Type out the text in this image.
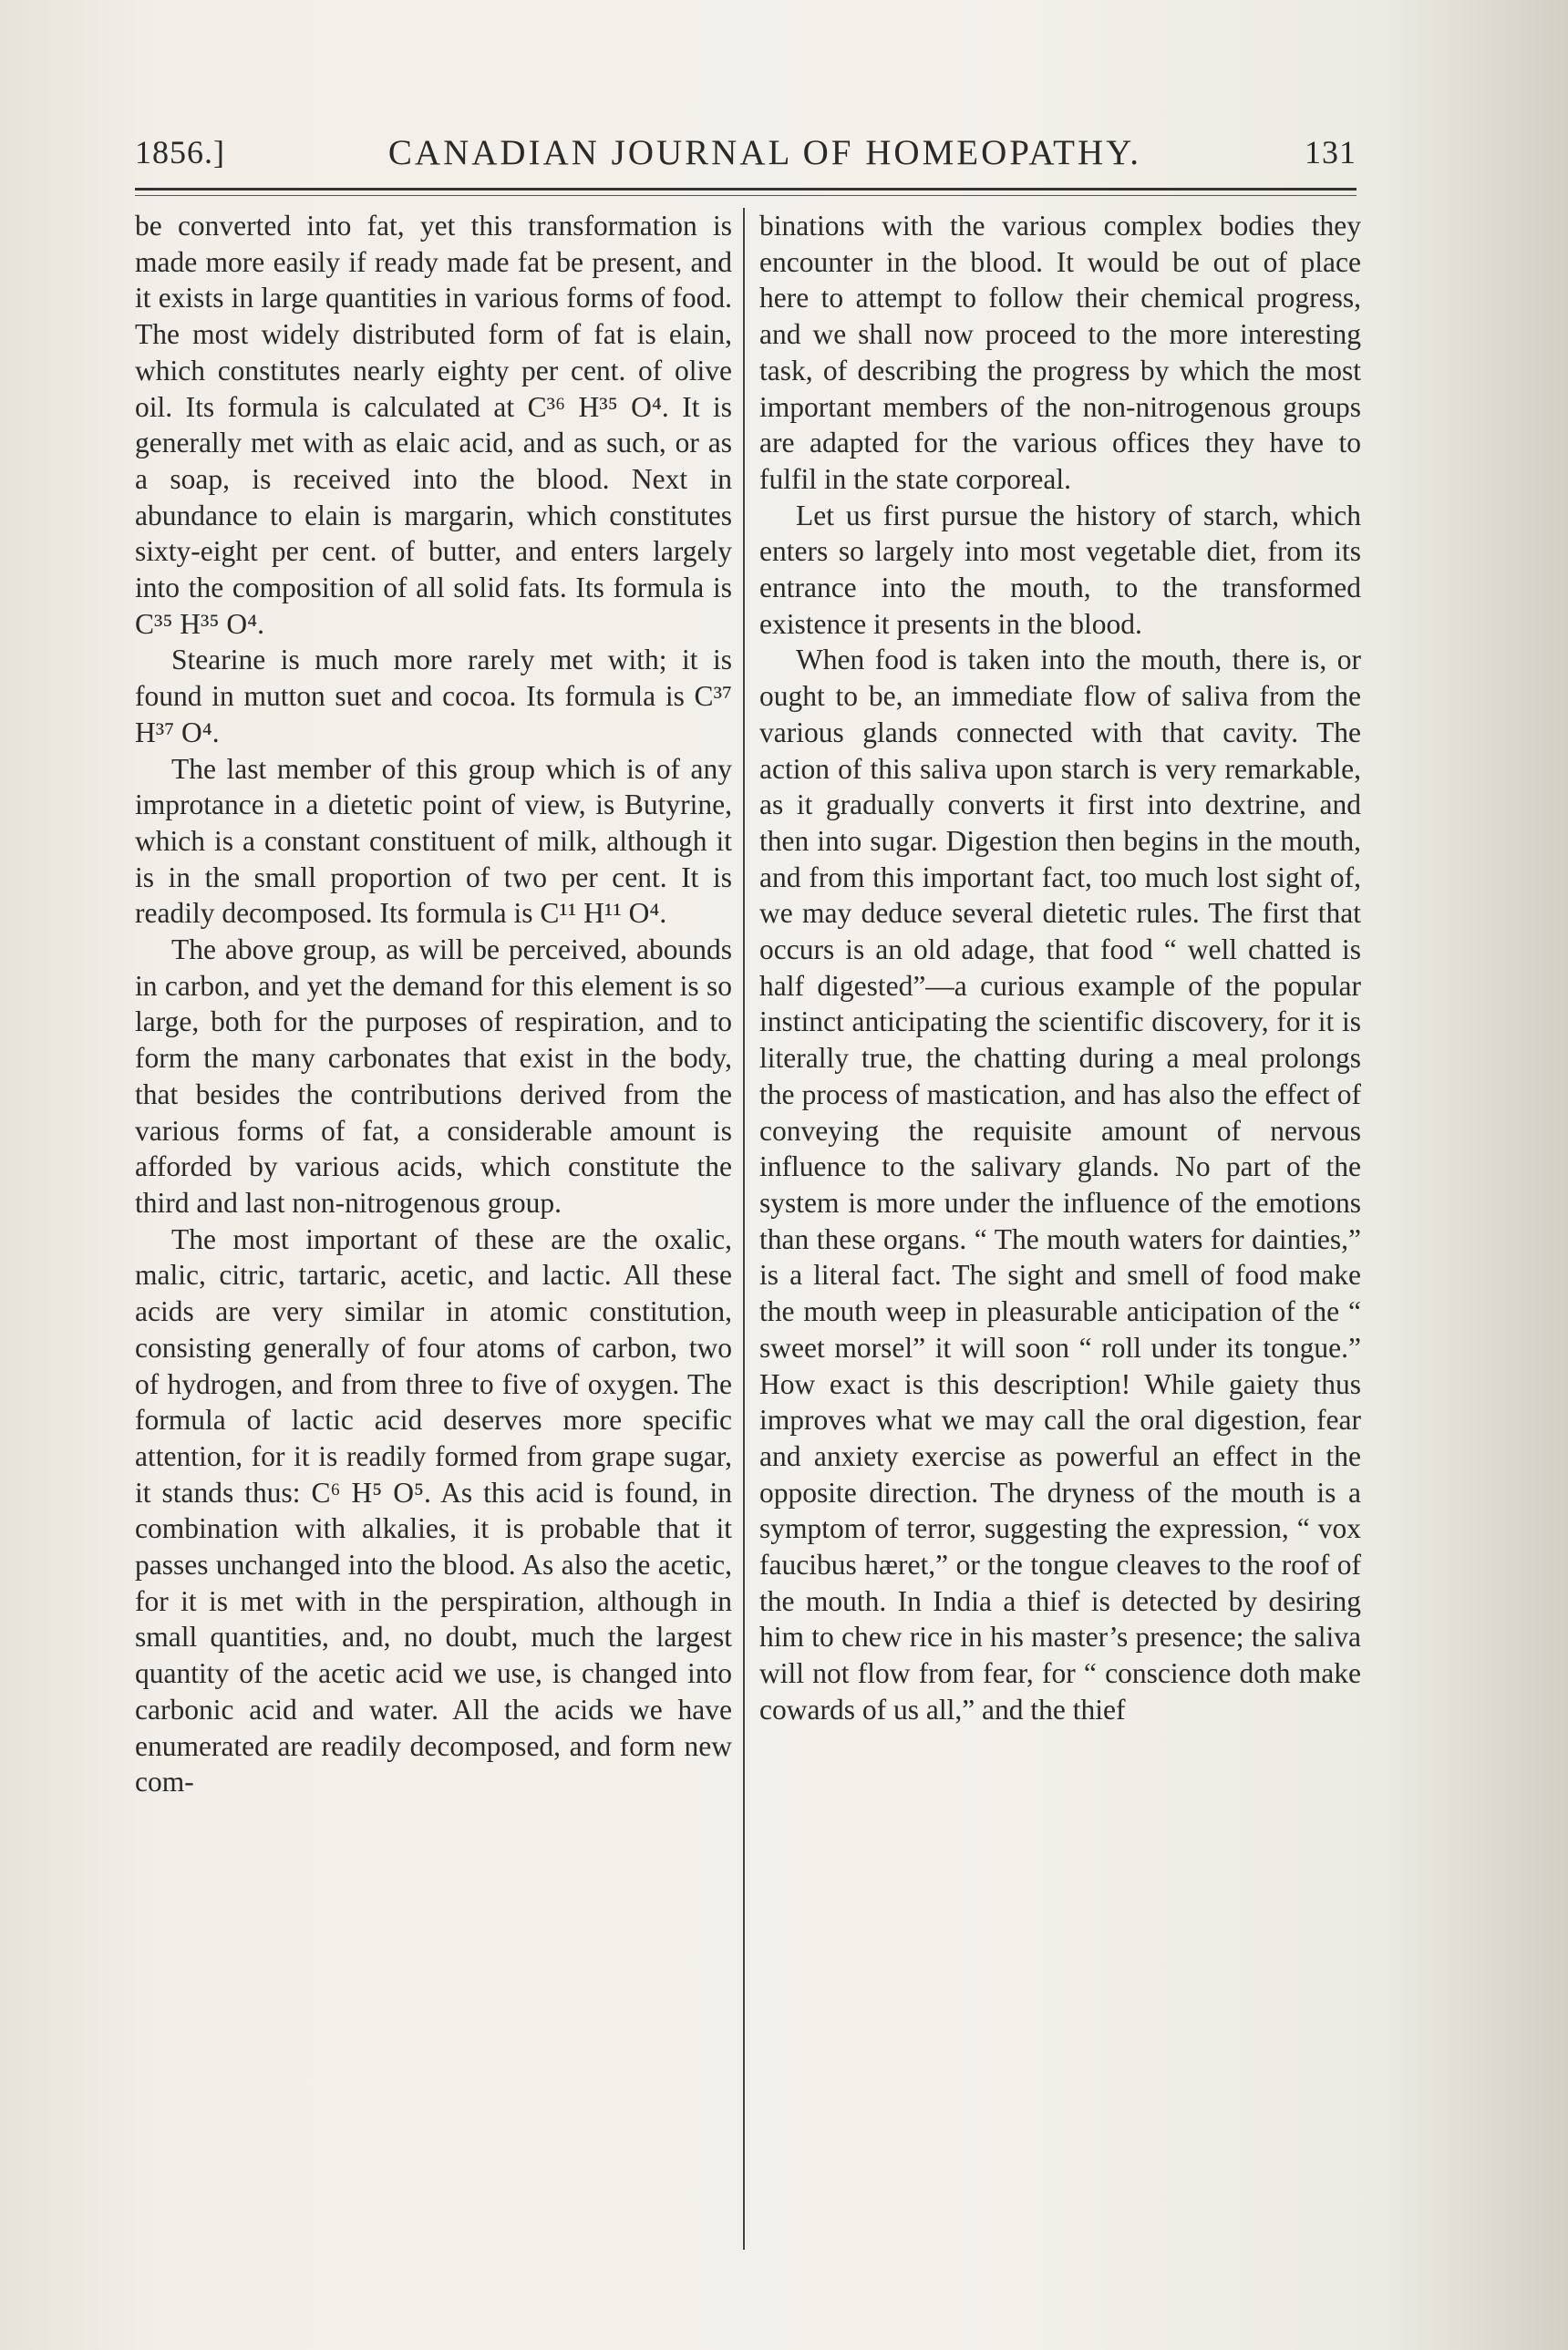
1856.]	CANADIAN JOURNAL OF HOMEOPATHY.	131

be converted into fat, yet this transformation is made more easily if ready made fat be present, and it exists in large quantities in various forms of food. The most widely distributed form of fat is elain, which constitutes nearly eighty per cent. of olive oil. Its formula is calculated at C³⁶ H³⁵ O⁴. It is generally met with as elaic acid, and as such, or as a soap, is received into the blood. Next in abundance to elain is margarin, which constitutes sixty-eight per cent. of butter, and enters largely into the composition of all solid fats. Its formula is C³⁵ H³⁵ O⁴.

Stearine is much more rarely met with; it is found in mutton suet and cocoa. Its formula is C³⁷ H³⁷ O⁴.

The last member of this group which is of any improtance in a dietetic point of view, is Butyrine, which is a constant constituent of milk, although it is in the small proportion of two per cent. It is readily decomposed. Its formula is C¹¹ H¹¹ O⁴.

The above group, as will be perceived, abounds in carbon, and yet the demand for this element is so large, both for the purposes of respiration, and to form the many carbonates that exist in the body, that besides the contributions derived from the various forms of fat, a considerable amount is afforded by various acids, which constitute the third and last non-nitrogenous group.

The most important of these are the oxalic, malic, citric, tartaric, acetic, and lactic. All these acids are very similar in atomic constitution, consisting generally of four atoms of carbon, two of hydrogen, and from three to five of oxygen. The formula of lactic acid deserves more specific attention, for it is readily formed from grape sugar, it stands thus: C⁶ H⁵ O⁵. As this acid is found, in combination with alkalies, it is probable that it passes unchanged into the blood. As also the acetic, for it is met with in the perspiration, although in small quantities, and, no doubt, much the largest quantity of the acetic acid we use, is changed into carbonic acid and water. All the acids we have enumerated are readily decomposed, and form new com-

binations with the various complex bodies they encounter in the blood. It would be out of place here to attempt to follow their chemical progress, and we shall now proceed to the more interesting task, of describing the progress by which the most important members of the non-nitrogenous groups are adapted for the various offices they have to fulfil in the state corporeal.

Let us first pursue the history of starch, which enters so largely into most vegetable diet, from its entrance into the mouth, to the transformed existence it presents in the blood.

When food is taken into the mouth, there is, or ought to be, an immediate flow of saliva from the various glands connected with that cavity. The action of this saliva upon starch is very remarkable, as it gradually converts it first into dextrine, and then into sugar. Digestion then begins in the mouth, and from this important fact, too much lost sight of, we may deduce several dietetic rules. The first that occurs is an old adage, that food “ well chatted is half digested”—a curious example of the popular instinct anticipating the scientific discovery, for it is literally true, the chatting during a meal prolongs the process of mastication, and has also the effect of conveying the requisite amount of nervous influence to the salivary glands. No part of the system is more under the influence of the emotions than these organs. “ The mouth waters for dainties,” is a literal fact. The sight and smell of food make the mouth weep in pleasurable anticipation of the “ sweet morsel” it will soon “ roll under its tongue.” How exact is this description! While gaiety thus improves what we may call the oral digestion, fear and anxiety exercise as powerful an effect in the opposite direction. The dryness of the mouth is a symptom of terror, suggesting the expression, “ vox faucibus hæret,” or the tongue cleaves to the roof of the mouth. In India a thief is detected by desiring him to chew rice in his master’s presence; the saliva will not flow from fear, for “ conscience doth make cowards of us all,” and the thief
